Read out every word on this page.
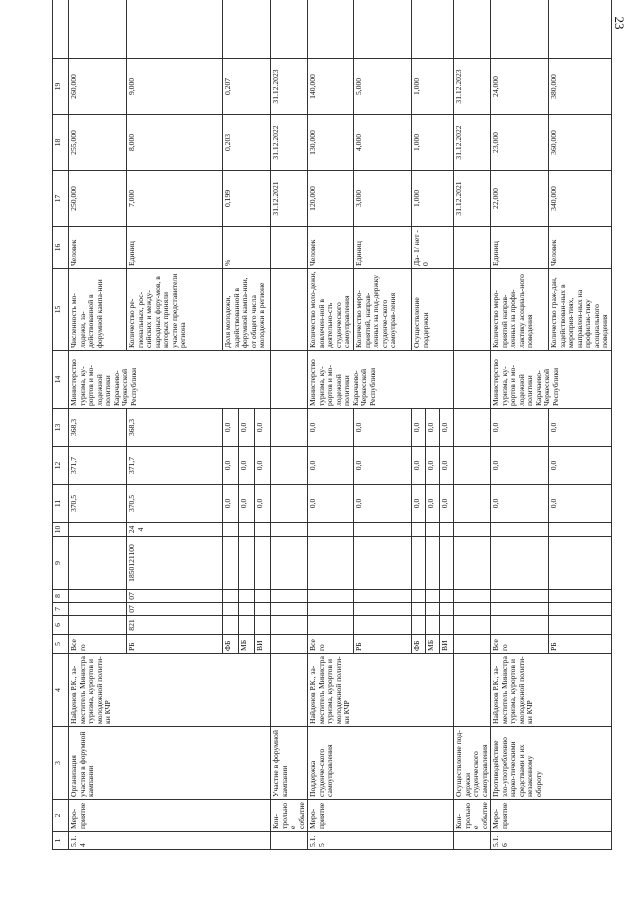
23
1	2	3	4	5	6	7	8	9	10	11	12	13	14	15	16	17	18	19	
5.1.4	Меро-приятие	Организация участия в форумной кампании	Найденов Р.К., за-меститель Министра туризма, курортов и молодежной полити-ки КЧР	Всего						370,5	371,7	368,3	Министерство туризма, ку-рортов и мо-лодежной политики Карачаево-Черкесской Республики	Численность мо-лодежи, за-действованной в форумной кампа-нии	Человек	250,000	255,000	260,000	
				РБ	821	07	07	1850121100	244	370,5	371,7	368,3		Количество ре-гиональных, рос-сийских и между-народных фору-мов, в которых приняли участие представители региона	Единиц	7,000	8,000	9,000	
				ФБ						0,0	0,0	0,0		Доля молодежи, задействованной в форумной кампа-нии, от общего числа молодежи в регионе	%	0,199	0,203	0,207	
				МБ						0,0	0,0	0,0							
				ВИ						0,0	0,0	0,0							
	Кон-трольное событие	Участие в форумной кампании														31.12.2021	31.12.2022	31.12.2023	
5.1.5	Меро-приятие	Поддержка студенче-ского самоуправления	Найденов Р.К., за-меститель Министра туризма, курортов и молодежной полити-ки КЧР	Всего						0,0	0,0	0,0	Министерство туризма, ку-рортов и мо-лодежной политики Карачаево-Черкесской Республики	Количество моло-дежи, вовлечен-ной в деятельно-сть студенческого самоуправления	Человек	120,000	130,000	140,000	
				РБ						0,0	0,0	0,0		Количество меро-приятий, направ-ленных на под-держку студенче-ского самоуправ-ления	Единиц	3,000	4,000	5,000	
				ФБ						0,0	0,0	0,0		Осуществление поддержки	Да- 1/ нет - 0	1,000	1,000	1,000	
				МБ						0,0	0,0	0,0							
				ВИ						0,0	0,0	0,0							
	Кон-трольное событие	Осуществление под-держки студенческого самоуправления														31.12.2021	31.12.2022	31.12.2023	
5.1.6	Меро-приятие	Противодействие зло-употреблению нарко-тическими средствами и их незаконному обороту	Найденов Р.К., за-меститель Министра туризма, курортов и молодежной полити-ки КЧР	Всего						0,0	0,0	0,0	Министерство туризма, ку-рортов и мо-лодежной политики Карачаево-Черкесской Республики	Количество меро-приятий направ-ленных на профи-лактику асоциаль-ного поведения	Единиц	22,000	23,000	24,000	
				РБ						0,0	0,0	0,0		Количество граж-дан, задействован-ных в мероприя-тиях, направлен-ных на профилак-тику асоциального поведения	Человек	340,000	360,000	380,000	
